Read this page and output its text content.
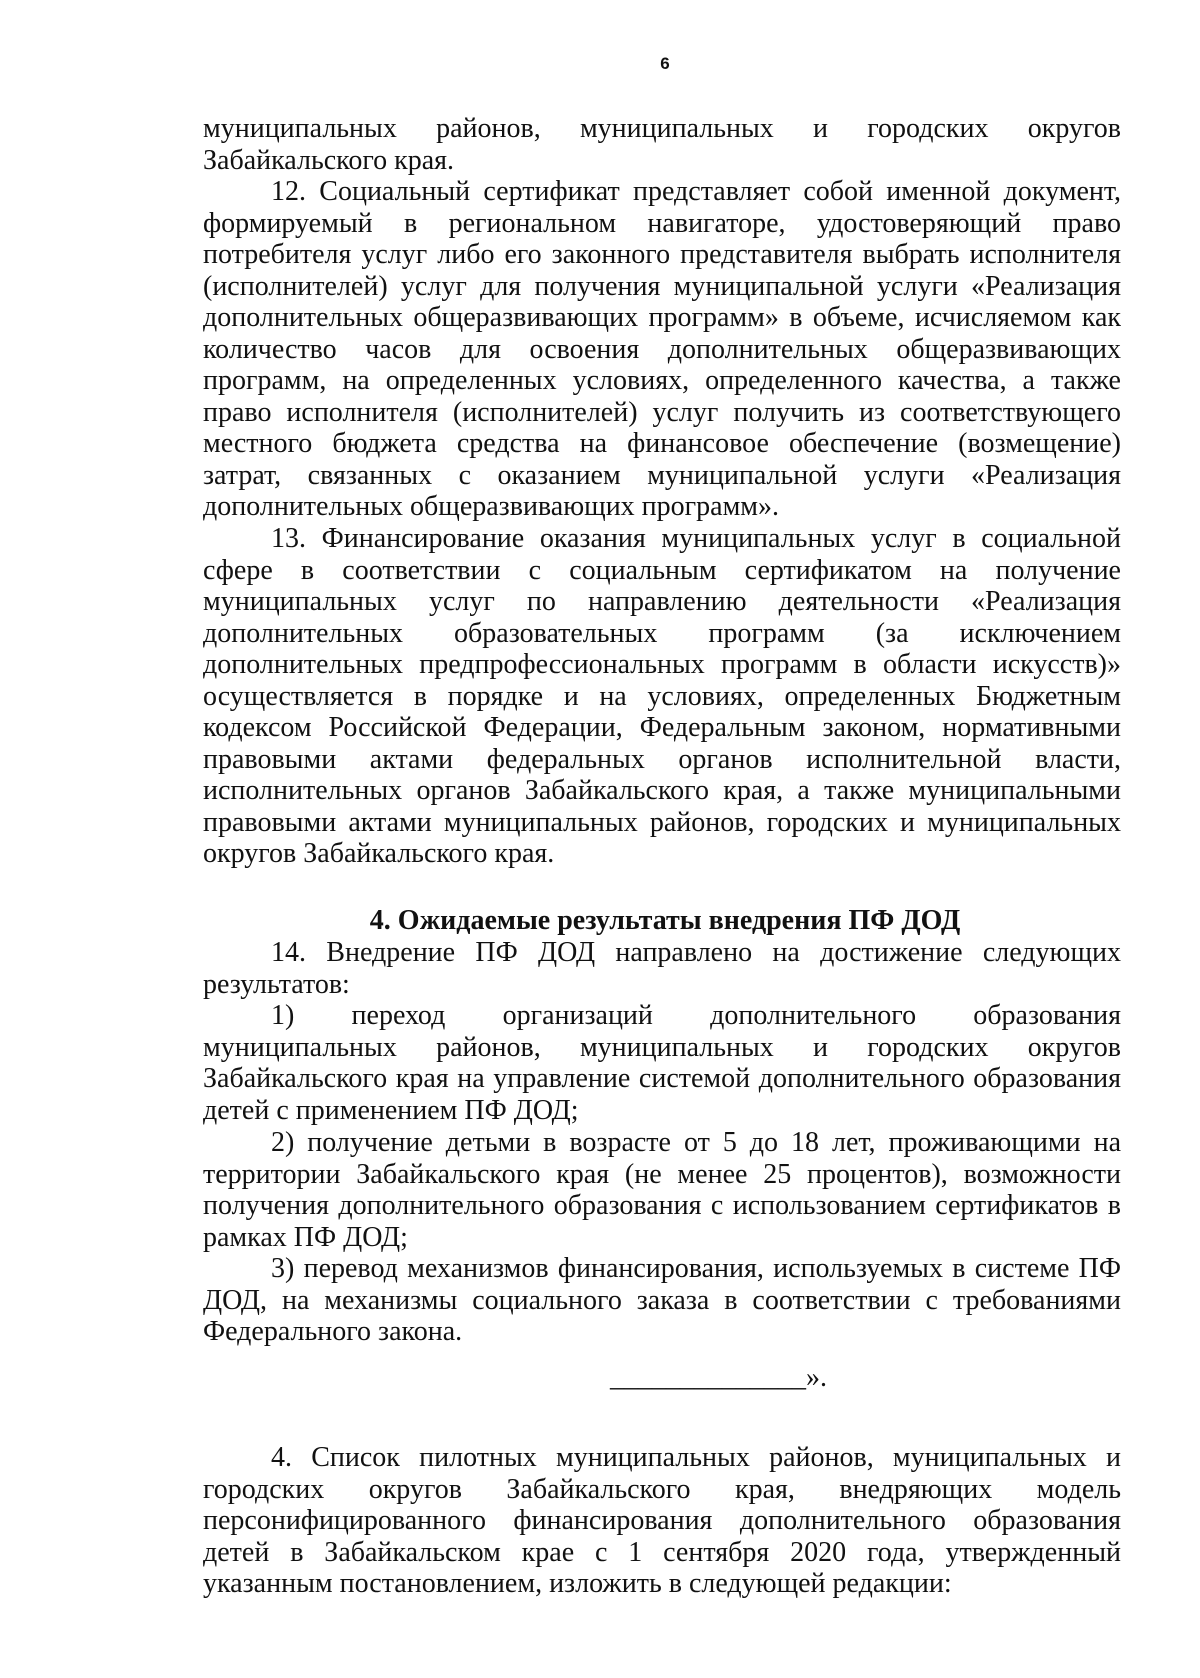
6
муниципальных районов, муниципальных и городских округов Забайкальского края.
12. Социальный сертификат представляет собой именной документ, формируемый в региональном навигаторе, удостоверяющий право потребителя услуг либо его законного представителя выбрать исполнителя (исполнителей) услуг для получения муниципальной услуги «Реализация дополнительных общеразвивающих программ» в объеме, исчисляемом как количество часов для освоения дополнительных общеразвивающих программ, на определенных условиях, определенного качества, а также право исполнителя (исполнителей) услуг получить из соответствующего местного бюджета средства на финансовое обеспечение (возмещение) затрат, связанных с оказанием муниципальной услуги «Реализация дополнительных общеразвивающих программ».
13. Финансирование оказания муниципальных услуг в социальной сфере в соответствии с социальным сертификатом на получение муниципальных услуг по направлению деятельности «Реализация дополнительных образовательных программ (за исключением дополнительных предпрофессиональных программ в области искусств)» осуществляется в порядке и на условиях, определенных Бюджетным кодексом Российской Федерации, Федеральным законом, нормативными правовыми актами федеральных органов исполнительной власти, исполнительных органов Забайкальского края, а также муниципальными правовыми актами муниципальных районов, городских и муниципальных округов Забайкальского края.
4. Ожидаемые результаты внедрения ПФ ДОД
14. Внедрение ПФ ДОД направлено на достижение следующих результатов:
1) переход организаций дополнительного образования муниципальных районов, муниципальных и городских округов Забайкальского края на управление системой дополнительного образования детей с применением ПФ ДОД;
2) получение детьми в возрасте от 5 до 18 лет, проживающими на территории Забайкальского края (не менее 25 процентов), возможности получения дополнительного образования с использованием сертификатов в рамках ПФ ДОД;
3) перевод механизмов финансирования, используемых в системе ПФ ДОД, на механизмы социального заказа в соответствии с требованиями Федерального закона.
______________».
4. Список пилотных муниципальных районов, муниципальных и городских округов Забайкальского края, внедряющих модель персонифицированного финансирования дополнительного образования детей в Забайкальском крае с 1 сентября 2020 года, утвержденный указанным постановлением, изложить в следующей редакции:
